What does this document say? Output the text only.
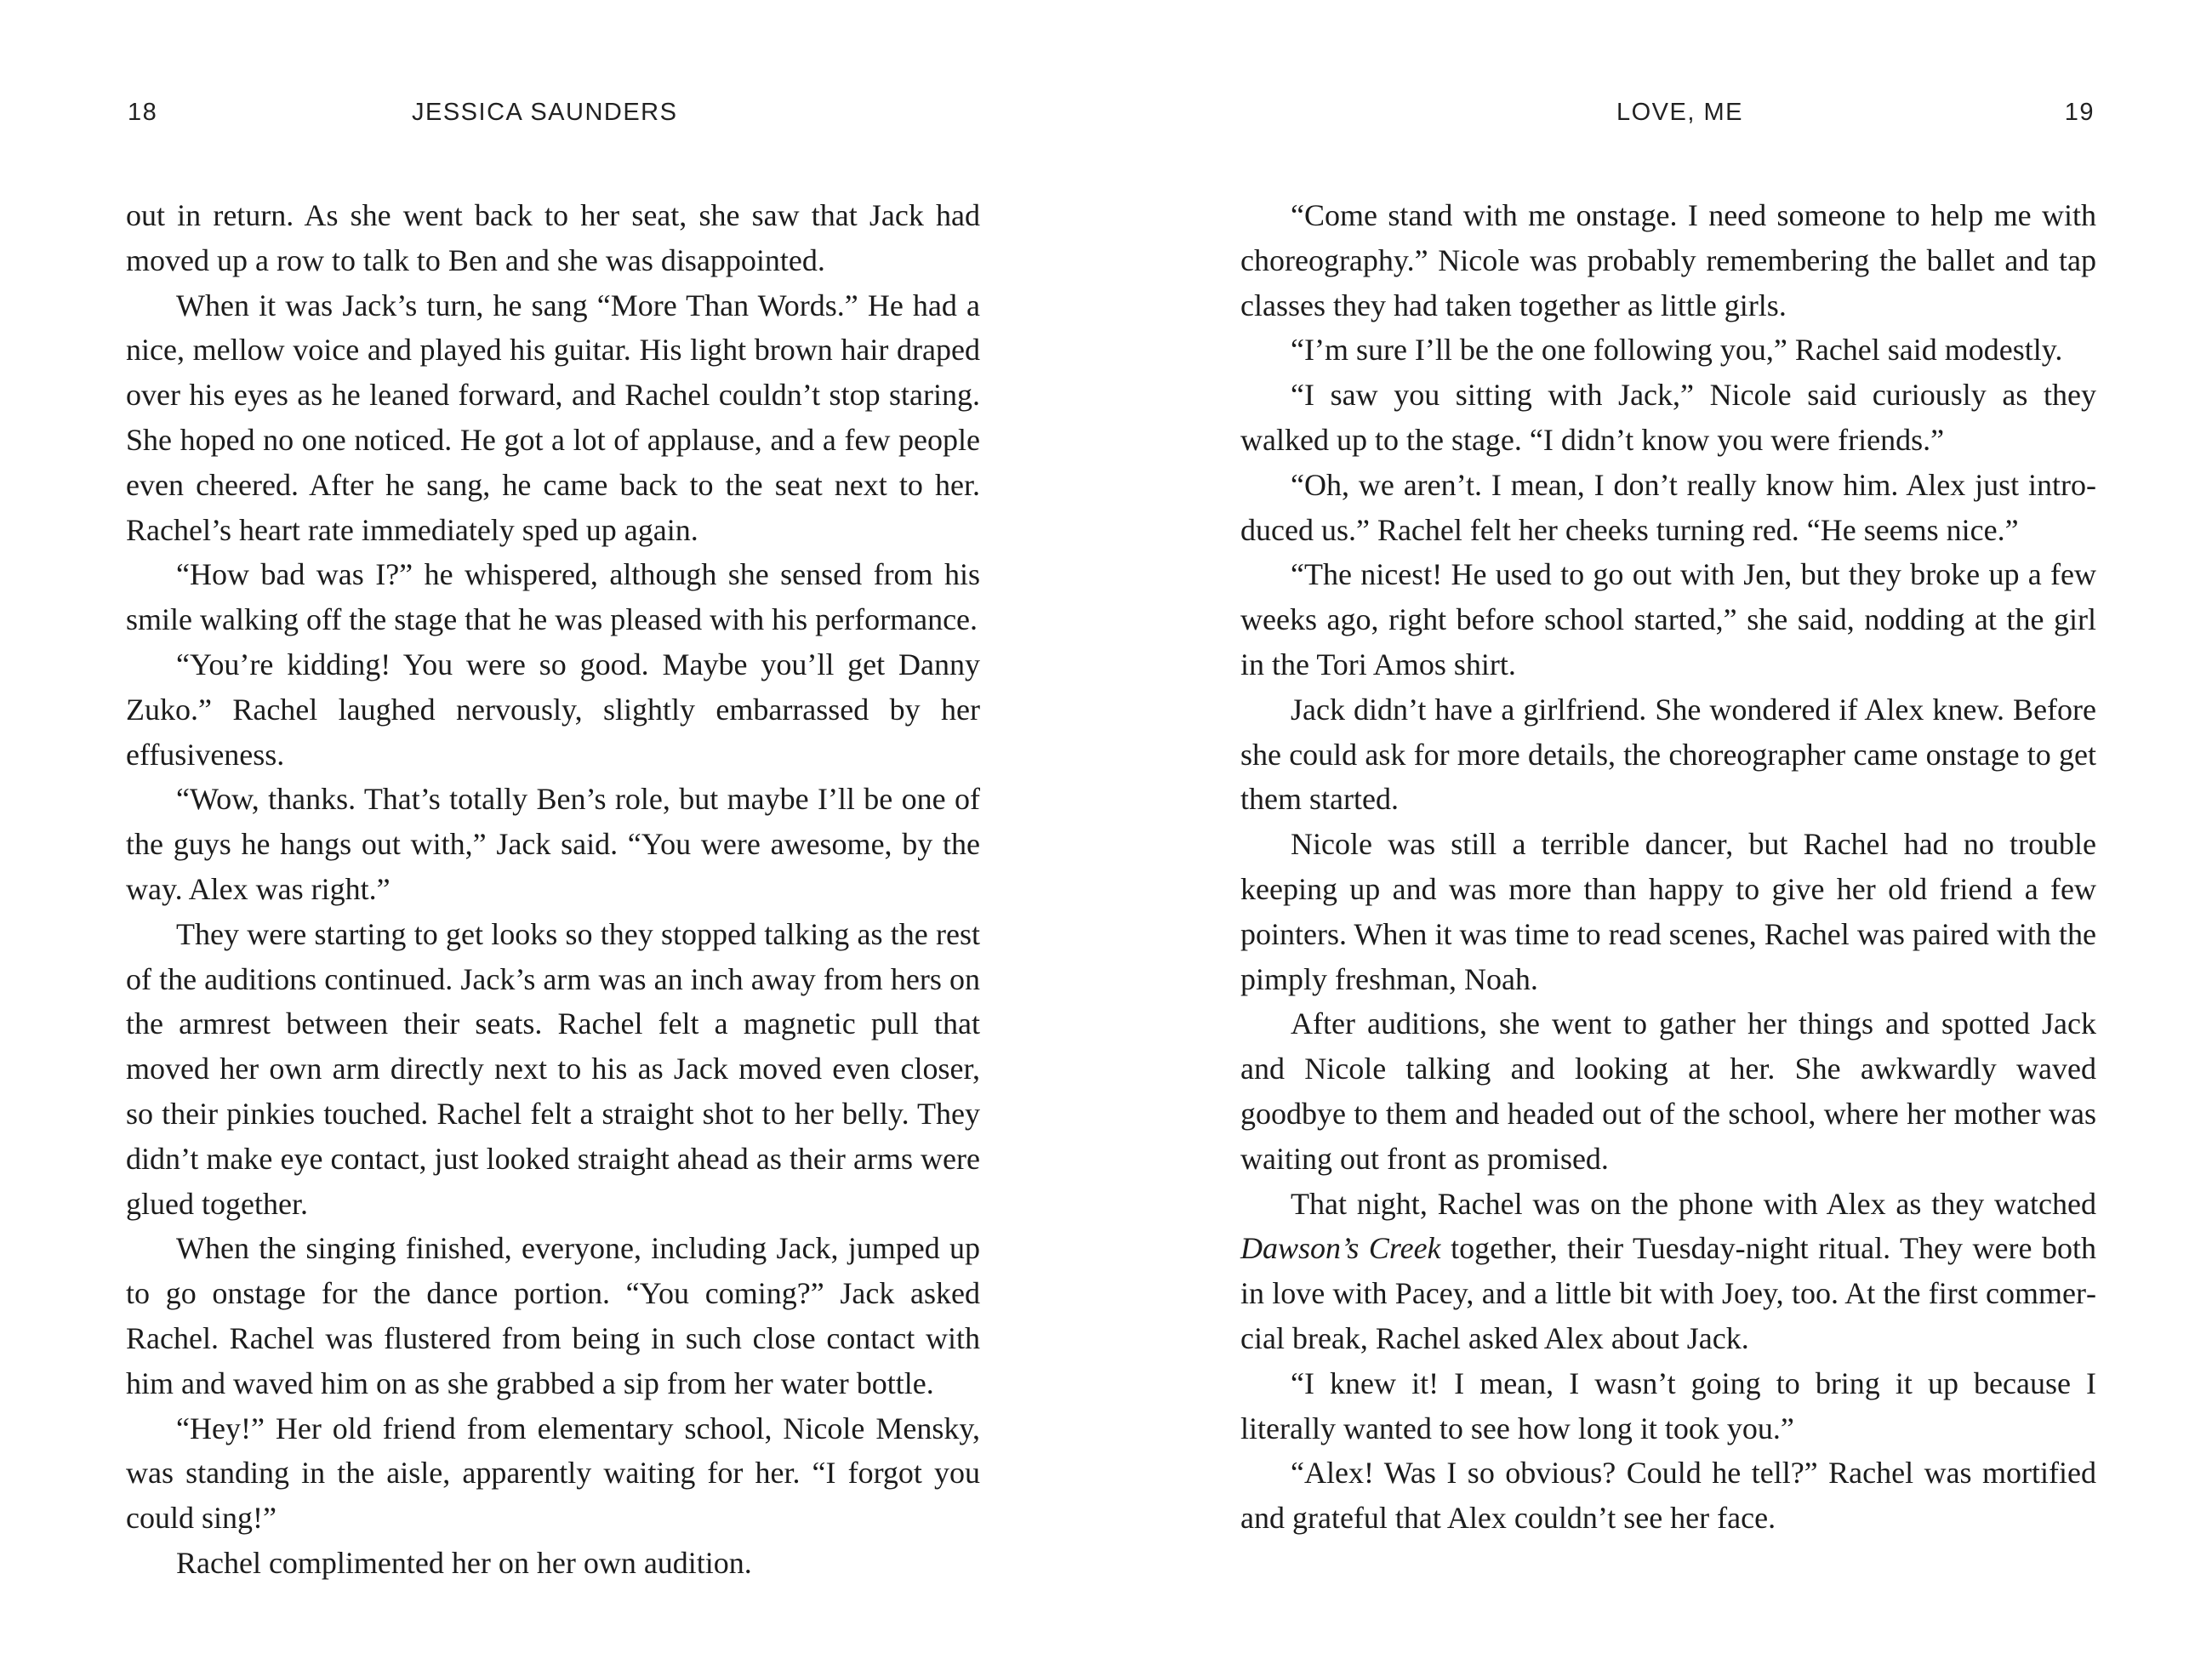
18	JESSICA SAUNDERS

out in return. As she went back to her seat, she saw that Jack had moved up a row to talk to Ben and she was disappointed.

When it was Jack’s turn, he sang “More Than Words.” He had a nice, mellow voice and played his guitar. His light brown hair draped over his eyes as he leaned forward, and Rachel couldn’t stop staring. She hoped no one noticed. He got a lot of applause, and a few people even cheered. After he sang, he came back to the seat next to her. Rachel’s heart rate immediately sped up again.

“How bad was I?” he whispered, although she sensed from his smile walking off the stage that he was pleased with his performance.

“You’re kidding! You were so good. Maybe you’ll get Danny Zuko.” Rachel laughed nervously, slightly embarrassed by her effusiveness.

“Wow, thanks. That’s totally Ben’s role, but maybe I’ll be one of the guys he hangs out with,” Jack said. “You were awesome, by the way. Alex was right.”

They were starting to get looks so they stopped talking as the rest of the auditions continued. Jack’s arm was an inch away from hers on the armrest between their seats. Rachel felt a magnetic pull that moved her own arm directly next to his as Jack moved even closer, so their pinkies touched. Rachel felt a straight shot to her belly. They didn’t make eye contact, just looked straight ahead as their arms were glued together.

When the singing finished, everyone, including Jack, jumped up to go onstage for the dance portion. “You coming?” Jack asked Rachel. Rachel was flustered from being in such close contact with him and waved him on as she grabbed a sip from her water bottle.

“Hey!” Her old friend from elementary school, Nicole Mensky, was standing in the aisle, apparently waiting for her. “I forgot you could sing!”

Rachel complimented her on her own audition.

LOVE, ME	19

“Come stand with me onstage. I need someone to help me with choreography.” Nicole was probably remembering the ballet and tap classes they had taken together as little girls.

“I’m sure I’ll be the one following you,” Rachel said modestly.

“I saw you sitting with Jack,” Nicole said curiously as they walked up to the stage. “I didn’t know you were friends.”

“Oh, we aren’t. I mean, I don’t really know him. Alex just introduced us.” Rachel felt her cheeks turning red. “He seems nice.”

“The nicest! He used to go out with Jen, but they broke up a few weeks ago, right before school started,” she said, nodding at the girl in the Tori Amos shirt.

Jack didn’t have a girlfriend. She wondered if Alex knew. Before she could ask for more details, the choreographer came onstage to get them started.

Nicole was still a terrible dancer, but Rachel had no trouble keeping up and was more than happy to give her old friend a few pointers. When it was time to read scenes, Rachel was paired with the pimply freshman, Noah.

After auditions, she went to gather her things and spotted Jack and Nicole talking and looking at her. She awkwardly waved goodbye to them and headed out of the school, where her mother was waiting out front as promised.

That night, Rachel was on the phone with Alex as they watched Dawson’s Creek together, their Tuesday-night ritual. They were both in love with Pacey, and a little bit with Joey, too. At the first commercial break, Rachel asked Alex about Jack.

“I knew it! I mean, I wasn’t going to bring it up because I literally wanted to see how long it took you.”

“Alex! Was I so obvious? Could he tell?” Rachel was mortified and grateful that Alex couldn’t see her face.
